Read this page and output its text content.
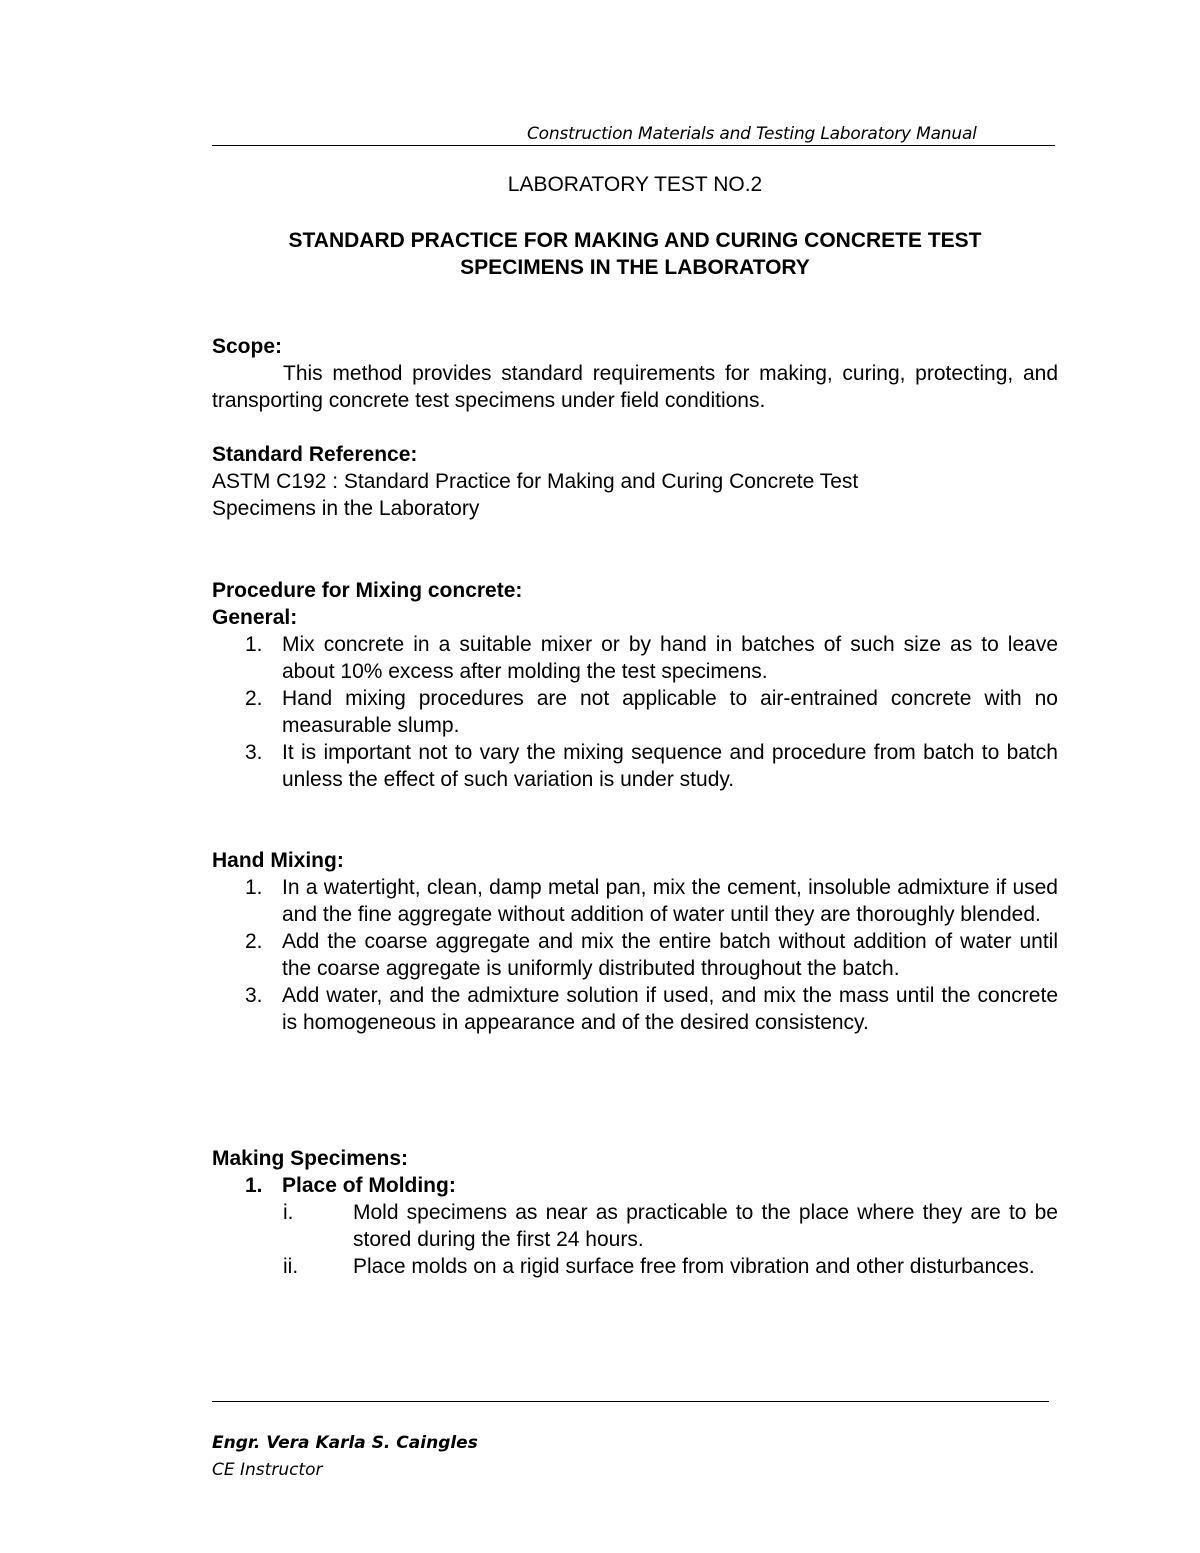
Construction Materials and Testing Laboratory Manual
LABORATORY TEST NO.2
STANDARD PRACTICE FOR MAKING AND CURING CONCRETE TEST
SPECIMENS IN THE LABORATORY
Scope:
This method provides standard requirements for making, curing, protecting, and transporting concrete test specimens under field conditions.
Standard Reference:
ASTM C192 : Standard Practice for Making and Curing Concrete Test
Specimens in the Laboratory
Procedure for Mixing concrete:
General:
1. Mix concrete in a suitable mixer or by hand in batches of such size as to leave about 10% excess after molding the test specimens.
2. Hand mixing procedures are not applicable to air-entrained concrete with no measurable slump.
3. It is important not to vary the mixing sequence and procedure from batch to batch unless the effect of such variation is under study.
Hand Mixing:
1. In a watertight, clean, damp metal pan, mix the cement, insoluble admixture if used and the fine aggregate without addition of water until they are thoroughly blended.
2. Add the coarse aggregate and mix the entire batch without addition of water until the coarse aggregate is uniformly distributed throughout the batch.
3. Add water, and the admixture solution if used, and mix the mass until the concrete is homogeneous in appearance and of the desired consistency.
Making Specimens:
1. Place of Molding:
i.	Mold specimens as near as practicable to the place where they are to be stored during the first 24 hours.
ii.	Place molds on a rigid surface free from vibration and other disturbances.
Engr. Vera Karla S. Caingles
CE Instructor
